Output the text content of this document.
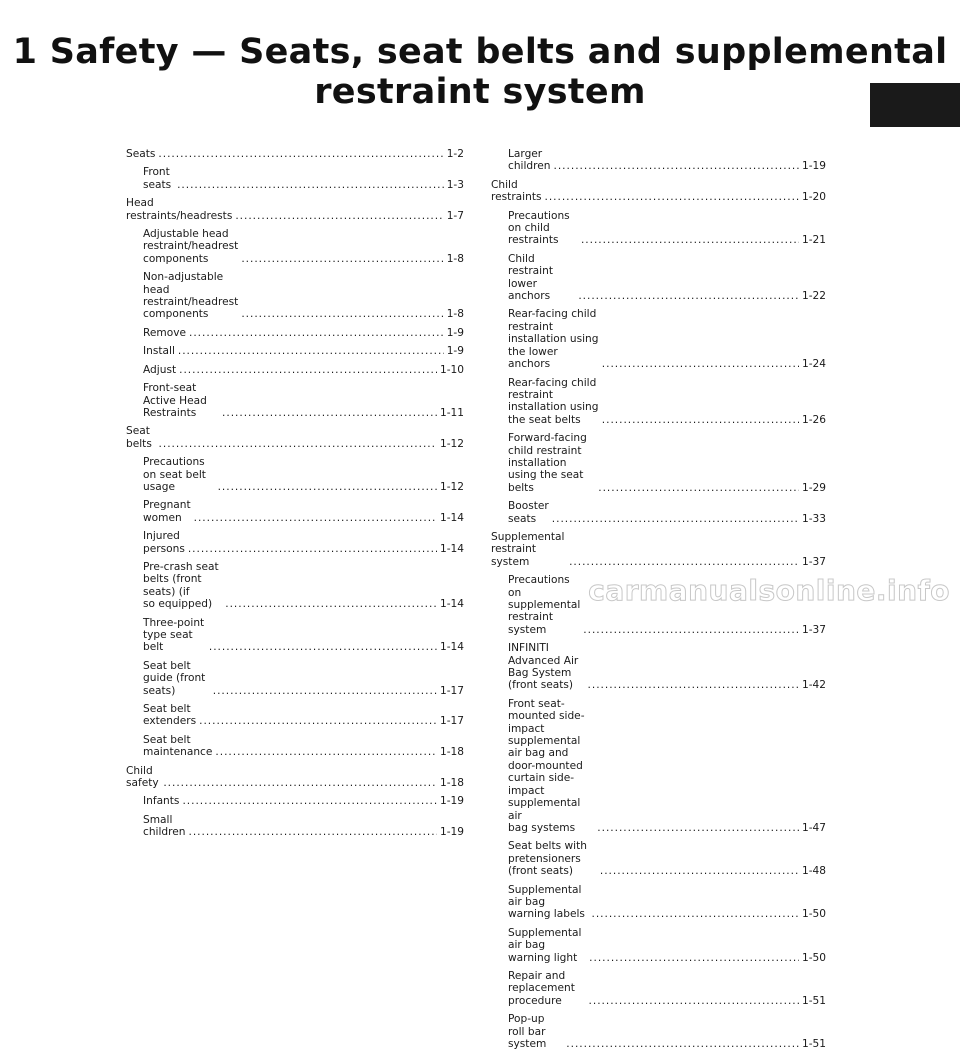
1 Safety — Seats, seat belts and supplemental
restraint system
Seats . . .	1-2
Front seats . . .	1-3
Head restraints/headrests . . .	1-7
Adjustable head
restraint/headrest components . . .	1-8
Non-adjustable head
restraint/headrest components . . .	1-8
Remove . . .	1-9
Install . . .	1-9
Adjust . . .	1-10
Front-seat Active Head Restraints . . .	1-11
Seat belts . . .	1-12
Precautions on seat belt usage . . .	1-12
Pregnant women . . .	1-14
Injured persons . . .	1-14
Pre-crash seat belts (front seats) (if
so equipped) . . .	1-14
Three-point type seat belt . . .	1-14
Seat belt guide (front seats) . . .	1-17
Seat belt extenders . . .	1-17
Seat belt maintenance . . .	1-18
Child safety . . .	1-18
Infants . . .	1-19
Small children . . .	1-19
Larger children . . .	1-19
Child restraints . . .	1-20
Precautions on child restraints . . .	1-21
Child restraint lower anchors . . .	1-22
Rear-facing child restraint installation using
the lower anchors . . .	1-24
Rear-facing child restraint installation using
the seat belts . . .	1-26
Forward-facing child restraint installation
using the seat belts . . .	1-29
Booster seats . . .	1-33
Supplemental restraint system . . .	1-37
Precautions on supplemental
restraint system . . .	1-37
INFINITI Advanced Air Bag System
(front seats) . . .	1-42
Front seat-mounted side-impact
supplemental air bag and door-mounted
curtain side-impact supplemental air
bag systems . . .	1-47
Seat belts with pretensioners (front seats) . . .	1-48
Supplemental air bag warning labels . . .	1-50
Supplemental air bag warning light . . .	1-50
Repair and replacement procedure . . .	1-51
Pop-up roll bar system . . .	1-51
carmanualsonline.info
